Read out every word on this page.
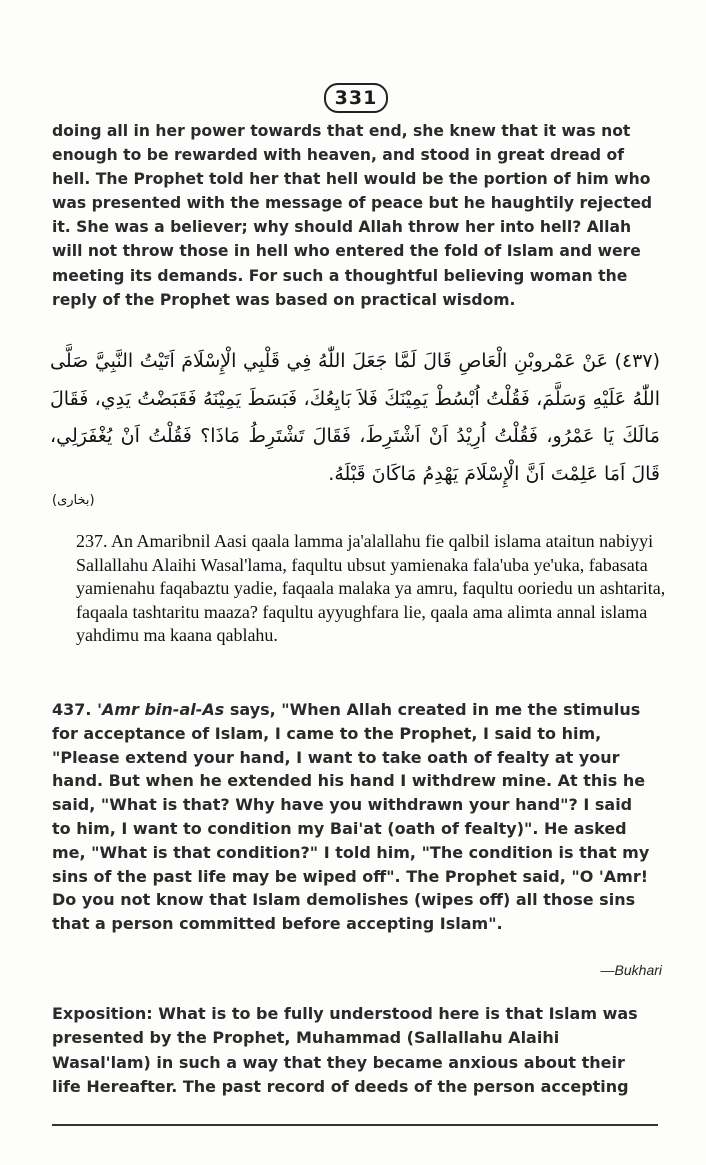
331
doing all in her power towards that end, she knew that it was not enough to be rewarded with heaven, and stood in great dread of hell. The Prophet told her that hell would be the portion of him who was presented with the message of peace but he haughtily rejected it. She was a believer; why should Allah throw her into hell? Allah will not throw those in hell who entered the fold of Islam and were meeting its demands. For such a thoughtful believing woman the reply of the Prophet was based on practical wisdom.
(٤٣٧) عَنْ عَمْروبْنِ الْعَاصِ قَالَ لَمَّا جَعَلَ اللّٰهُ فِي قَلْبِي الْإِسْلَامَ اَتَيْتُ النَّبِيَّ صَلَّى اللّٰهُ عَلَيْهِ وَسَلَّمَ، فَقُلْتُ اُبْسُطْ يَمِيْنَكَ فَلاَ بَايِعُكَ، فَبَسَطَ يَمِيْنَهُ فَقَبَضْتُ يَدِي، فَقَالَ مَالَكَ يَا عَمْرُو، فَقُلْتُ اُرِيْدُ اَنْ اَشْتَرِطَ، فَقَالَ تَشْتَرِطُ مَاذَا؟ فَقُلْتُ اَنْ يُغْفَرَلِي، قَالَ اَمَا عَلِمْتَ اَنَّ الْإِسْلَامَ يَهْدِمُ مَاكَانَ قَبْلَهُ.
(بخاری)
237. An Amaribnil Aasi qaala lamma ja'alallahu fie qalbil islama ataitun nabiyyi Sallallahu Alaihi Wasal'lama, faqultu ubsut yamienaka fala'uba ye'uka, fabasata yamienahu faqabaztu yadie, faqaala malaka ya amru, faqultu ooriedu un ashtarita, faqaala tashtaritu maaza? faqultu ayyughfara lie, qaala ama alimta annal islama yahdimu ma kaana qablahu.
437. 'Amr bin-al-As says, "When Allah created in me the stimulus for acceptance of Islam, I came to the Prophet, I said to him, "Please extend your hand, I want to take oath of fealty at your hand. But when he extended his hand I withdrew mine. At this he said, "What is that? Why have you withdrawn your hand"? I said to him, I want to condition my Bai'at (oath of fealty)". He asked me, "What is that condition?" I told him, "The condition is that my sins of the past life may be wiped off". The Prophet said, "O 'Amr! Do you not know that Islam demolishes (wipes off) all those sins that a person committed before accepting Islam".
—Bukhari
Exposition: What is to be fully understood here is that Islam was presented by the Prophet, Muhammad (Sallallahu Alaihi Wasal'lam) in such a way that they became anxious about their life Hereafter. The past record of deeds of the person accepting
